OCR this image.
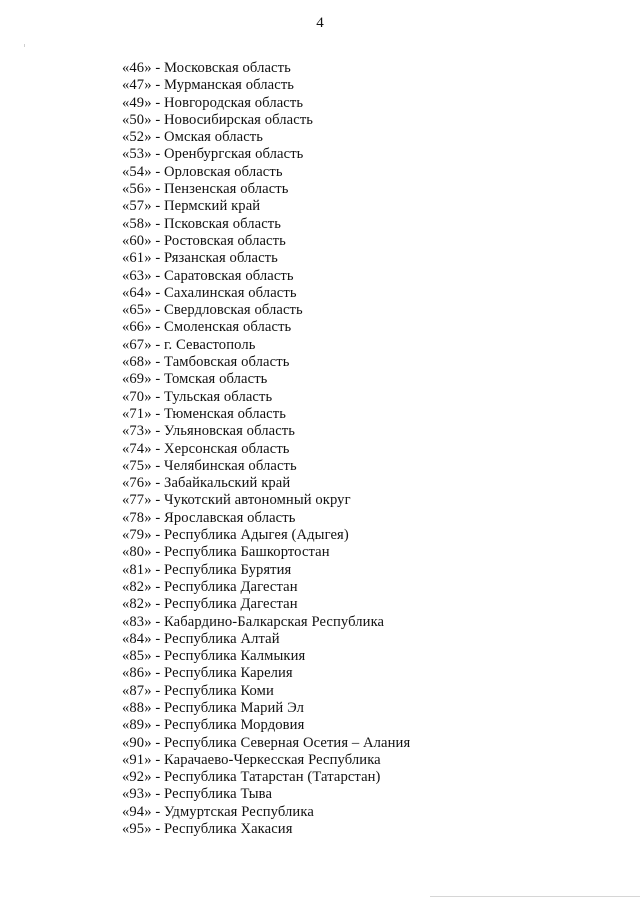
4
«46» - Московская область
«47» - Мурманская область
«49» - Новгородская область
«50» - Новосибирская область
«52» - Омская область
«53» - Оренбургская область
«54» - Орловская область
«56» - Пензенская область
«57» - Пермский край
«58» - Псковская область
«60» - Ростовская область
«61» - Рязанская область
«63» - Саратовская область
«64» - Сахалинская область
«65» - Свердловская область
«66» - Смоленская область
«67» - г. Севастополь
«68» - Тамбовская область
«69» - Томская область
«70» - Тульская область
«71» - Тюменская область
«73» - Ульяновская область
«74» - Херсонская область
«75» - Челябинская область
«76» - Забайкальский край
«77» - Чукотский автономный округ
«78» - Ярославская область
«79» - Республика Адыгея (Адыгея)
«80» - Республика Башкортостан
«81» - Республика Бурятия
«82» - Республика Дагестан
«82» - Республика Дагестан
«83» - Кабардино-Балкарская Республика
«84» - Республика Алтай
«85» - Республика Калмыкия
«86» - Республика Карелия
«87» - Республика Коми
«88» - Республика Марий Эл
«89» - Республика Мордовия
«90» - Республика Северная Осетия – Алания
«91» - Карачаево-Черкесская Республика
«92» - Республика Татарстан (Татарстан)
«93» - Республика Тыва
«94» - Удмуртская Республика
«95» - Республика Хакасия
